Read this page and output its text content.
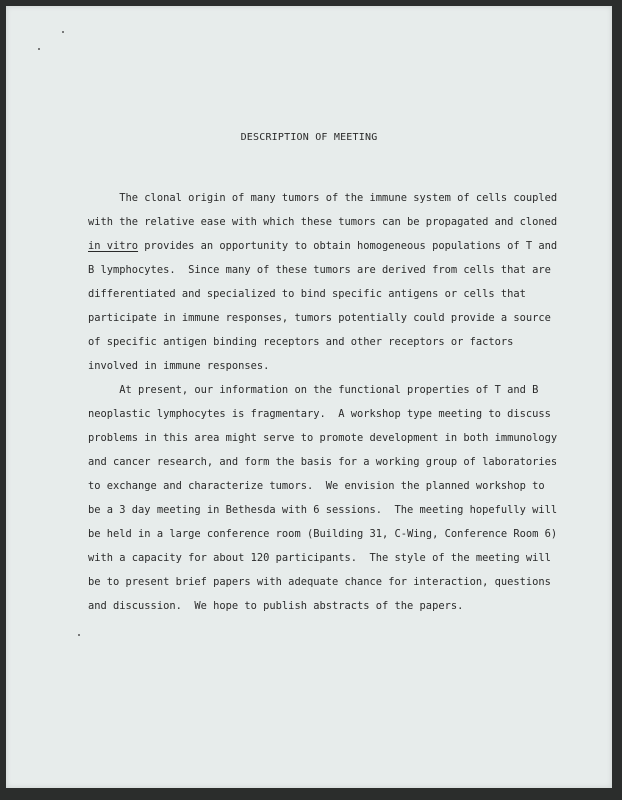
DESCRIPTION OF MEETING
The clonal origin of many tumors of the immune system of cells coupled
with the relative ease with which these tumors can be propagated and cloned
in vitro provides an opportunity to obtain homogeneous populations of T and
B lymphocytes.  Since many of these tumors are derived from cells that are
differentiated and specialized to bind specific antigens or cells that
participate in immune responses, tumors potentially could provide a source
of specific antigen binding receptors and other receptors or factors
involved in immune responses.
At present, our information on the functional properties of T and B
neoplastic lymphocytes is fragmentary.  A workshop type meeting to discuss
problems in this area might serve to promote development in both immunology
and cancer research, and form the basis for a working group of laboratories
to exchange and characterize tumors.  We envision the planned workshop to
be a 3 day meeting in Bethesda with 6 sessions.  The meeting hopefully will
be held in a large conference room (Building 31, C-Wing, Conference Room 6)
with a capacity for about 120 participants.  The style of the meeting will
be to present brief papers with adequate chance for interaction, questions
and discussion.  We hope to publish abstracts of the papers.
